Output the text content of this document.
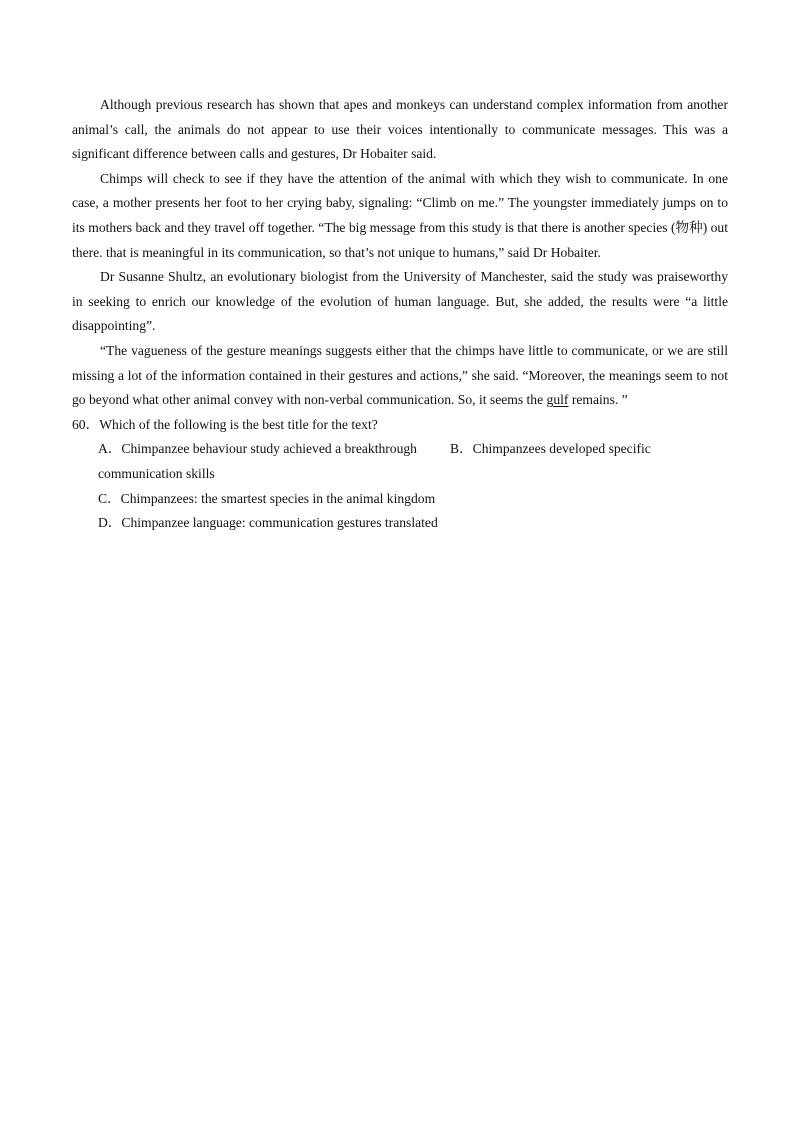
Although previous research has shown that apes and monkeys can understand complex information from another animal’s call, the animals do not appear to use their voices intentionally to communicate messages. This was a significant difference between calls and gestures, Dr Hobaiter said.

Chimps will check to see if they have the attention of the animal with which they wish to communicate. In one case, a mother presents her foot to her crying baby, signaling: “Climb on me.” The youngster immediately jumps on to its mothers back and they travel off together. “The big message from this study is that there is another species (物种) out there. that is meaningful in its communication, so that’s not unique to humans,” said Dr Hobaiter.

Dr Susanne Shultz, an evolutionary biologist from the University of Manchester, said the study was praiseworthy in seeking to enrich our knowledge of the evolution of human language. But, she added, the results were “a little disappointing”.

“The vagueness of the gesture meanings suggests either that the chimps have little to communicate, or we are still missing a lot of the information contained in their gestures and actions,” she said. “Moreover, the meanings seem to not go beyond what other animal convey with non-verbal communication. So, it seems the gulf remains. ”

60．Which of the following is the best title for the text?

A．Chimpanzee behaviour study achieved a breakthrough B．Chimpanzees developed specific communication skills
C．Chimpanzees: the smartest species in the animal kingdom
D．Chimpanzee language: communication gestures translated
